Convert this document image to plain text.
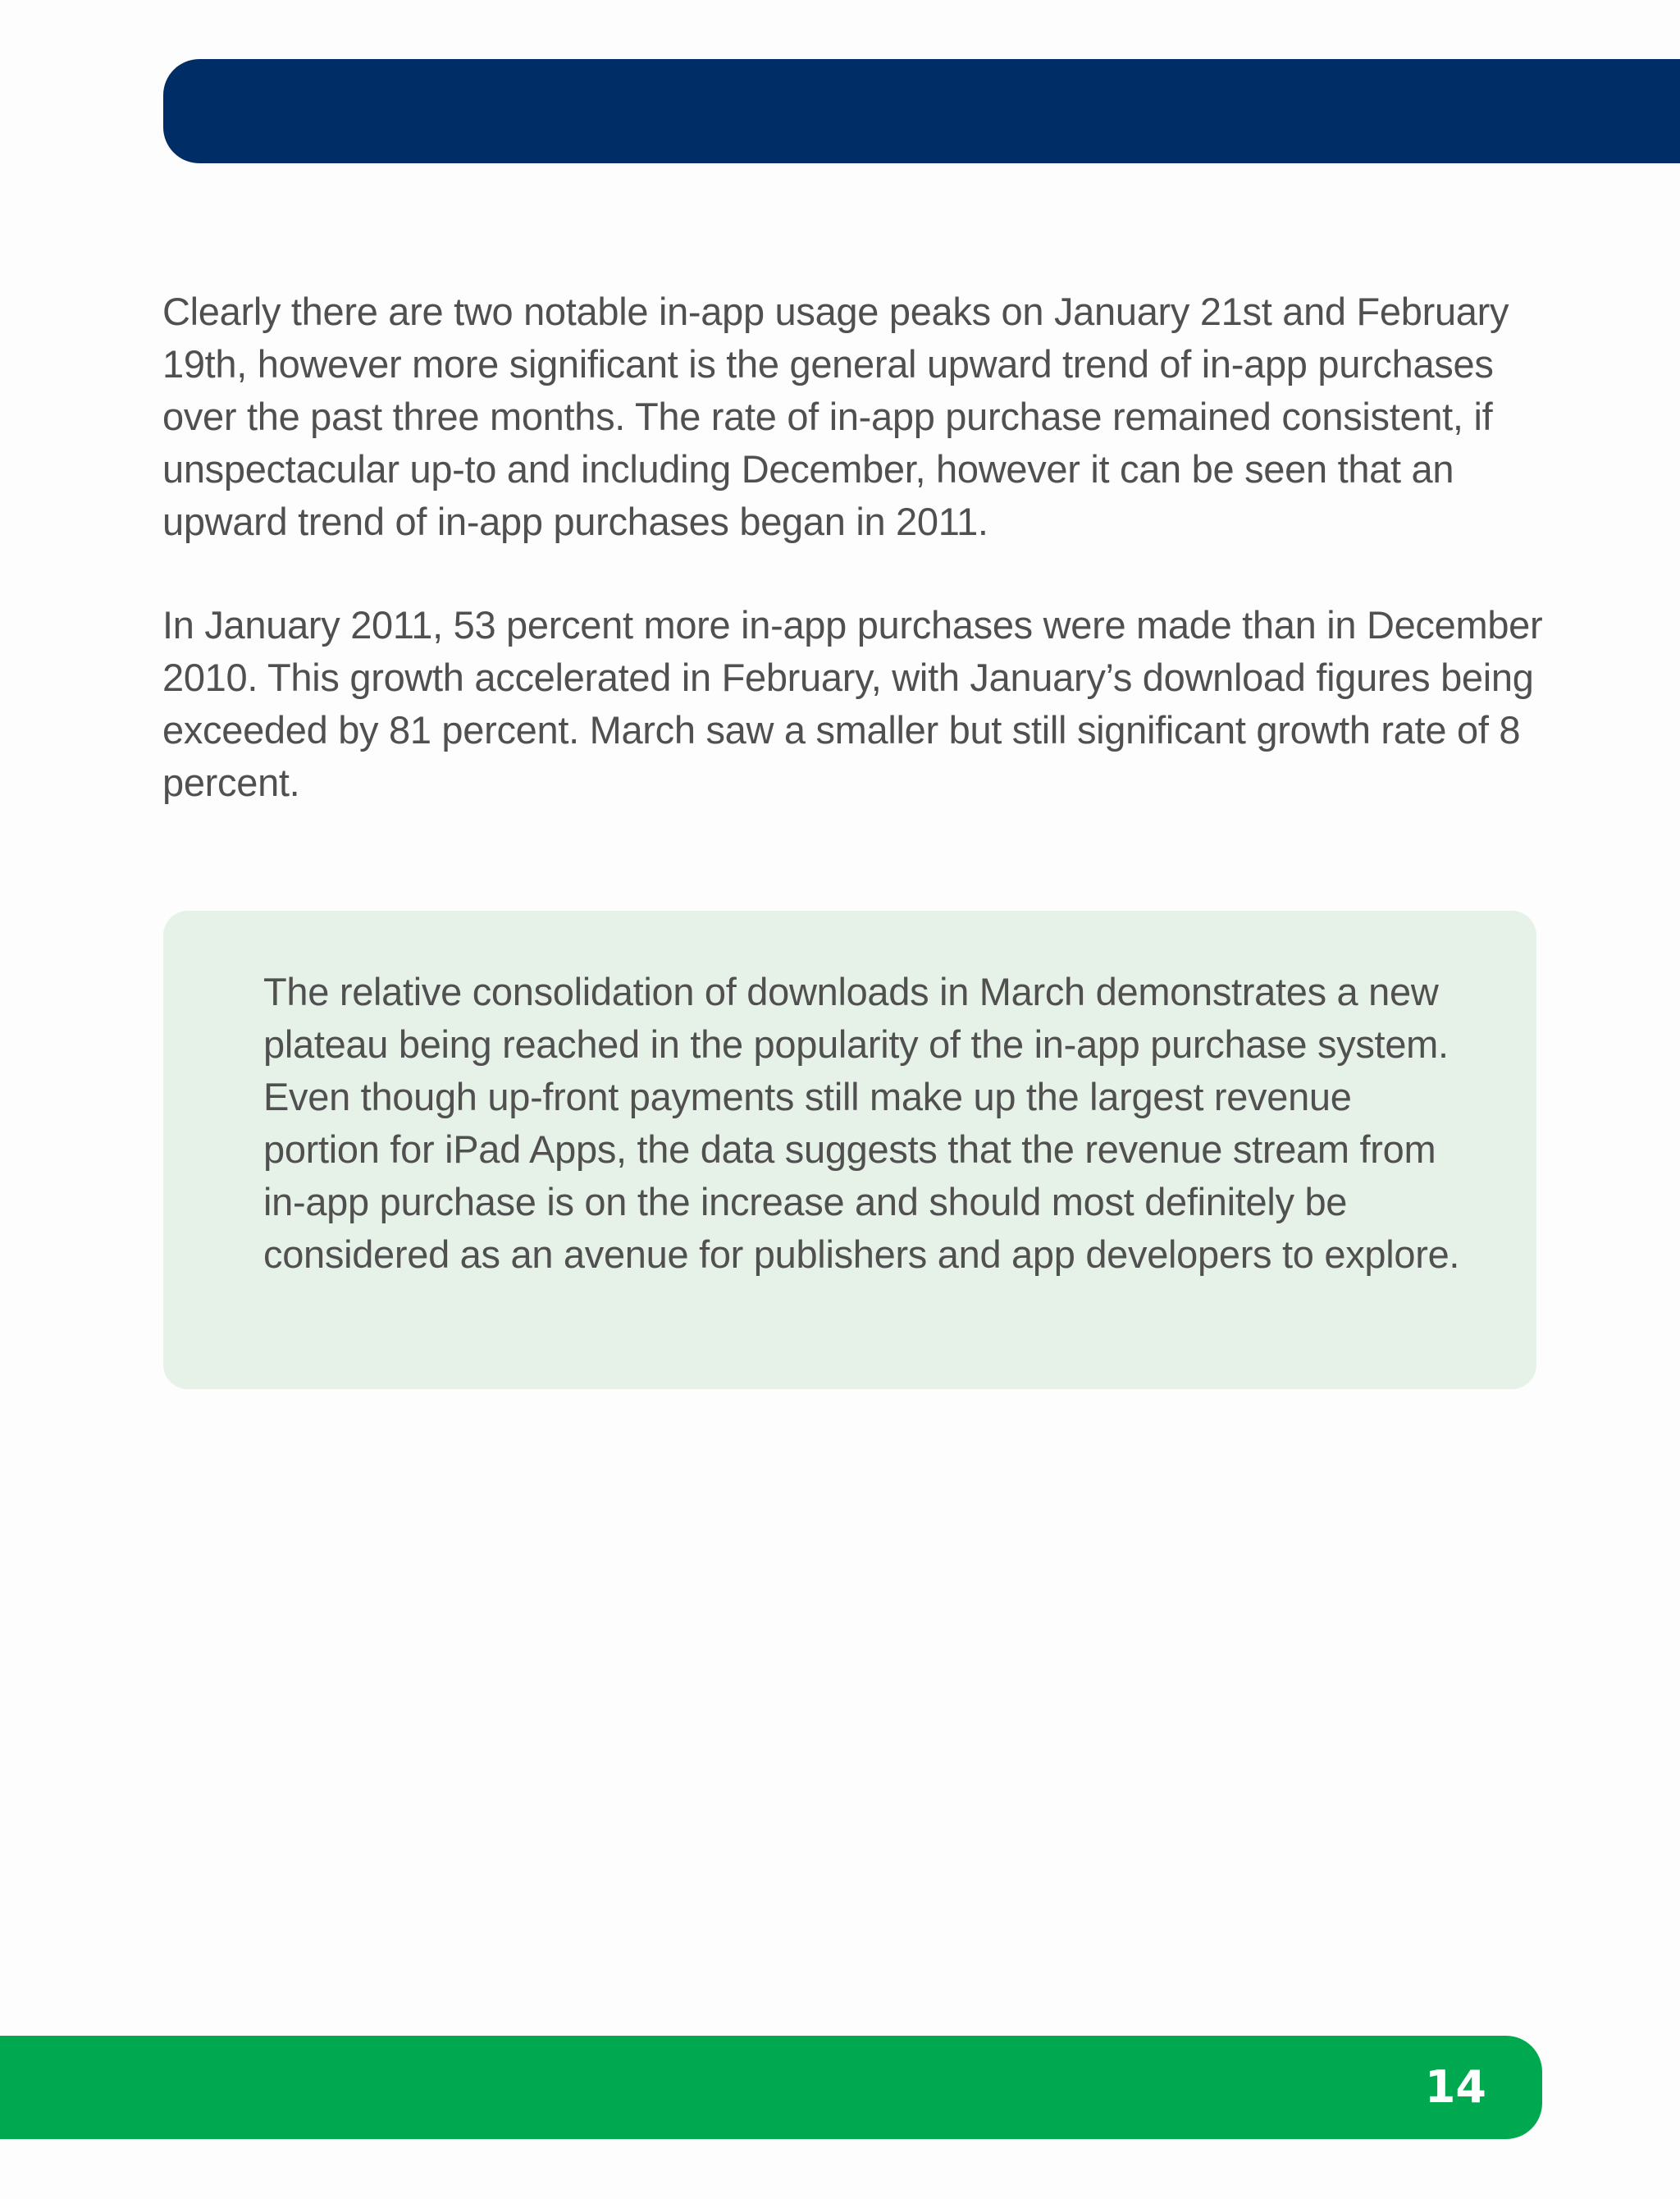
Clearly there are two notable in-app usage peaks on January 21st and February 19th, however more significant is the general upward trend of in-app purchases over the past three months. The rate of in-app purchase remained consistent, if unspectacular up-to and including December, however it can be seen that an upward trend of in-app purchases began in 2011.

In January 2011, 53 percent more in-app purchases were made than in December 2010. This growth accelerated in February, with January’s download figures being exceeded by 81 percent. March saw a smaller but still significant growth rate of 8 percent.

The relative consolidation of downloads in March demonstrates a new plateau being reached in the popularity of the in-app purchase system. Even though up-front payments still make up the largest revenue portion for iPad Apps, the data suggests that the revenue stream from in-app purchase is on the increase and should most definitely be considered as an avenue for publishers and app developers to explore.

14
